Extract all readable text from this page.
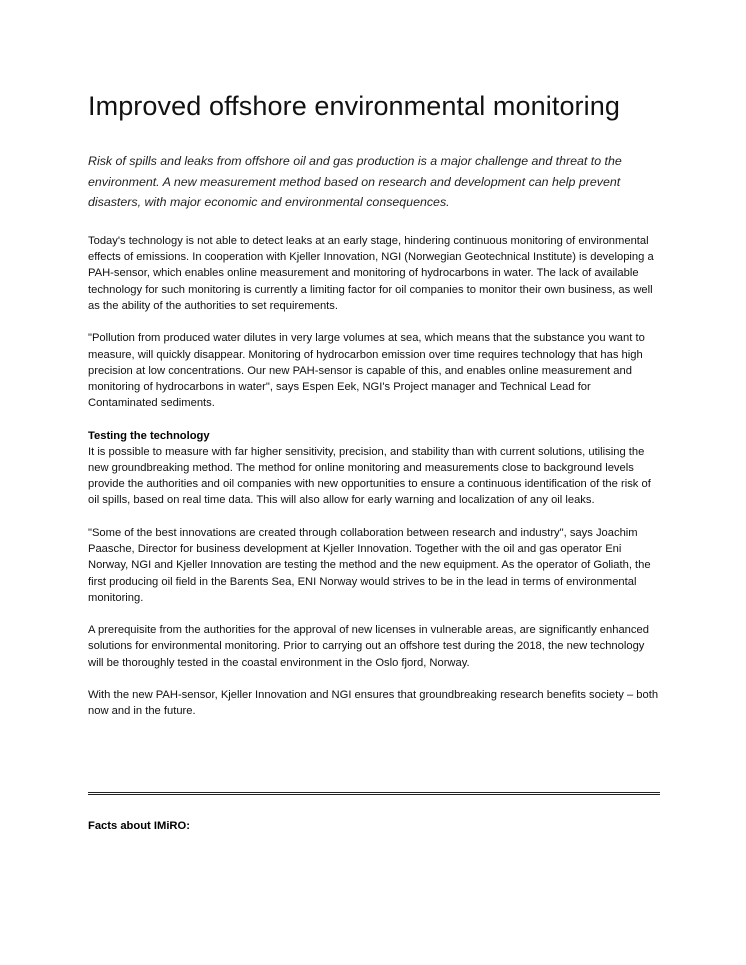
Improved offshore environmental monitoring

Risk of spills and leaks from offshore oil and gas production is a major challenge and threat to the environment. A new measurement method based on research and development can help prevent disasters, with major economic and environmental consequences.

Today's technology is not able to detect leaks at an early stage, hindering continuous monitoring of environmental effects of emissions. In cooperation with Kjeller Innovation, NGI (Norwegian Geotechnical Institute) is developing a PAH-sensor, which enables online measurement and monitoring of hydrocarbons in water. The lack of available technology for such monitoring is currently a limiting factor for oil companies to monitor their own business, as well as the ability of the authorities to set requirements.

"Pollution from produced water dilutes in very large volumes at sea, which means that the substance you want to measure, will quickly disappear. Monitoring of hydrocarbon emission over time requires technology that has high precision at low concentrations. Our new PAH-sensor is capable of this, and enables online measurement and monitoring of hydrocarbons in water", says Espen Eek, NGI's Project manager and Technical Lead for Contaminated sediments.

Testing the technology

It is possible to measure with far higher sensitivity, precision, and stability than with current solutions, utilising the new groundbreaking method. The method for online monitoring and measurements close to background levels provide the authorities and oil companies with new opportunities to ensure a continuous identification of the risk of oil spills, based on real time data. This will also allow for early warning and localization of any oil leaks.

"Some of the best innovations are created through collaboration between research and industry", says Joachim Paasche, Director for business development at Kjeller Innovation. Together with the oil and gas operator Eni Norway, NGI and Kjeller Innovation are testing the method and the new equipment. As the operator of Goliath, the first producing oil field in the Barents Sea, ENI Norway would strives to be in the lead in terms of environmental monitoring.

A prerequisite from the authorities for the approval of new licenses in vulnerable areas, are significantly enhanced solutions for environmental monitoring. Prior to carrying out an offshore test during the 2018, the new technology will be thoroughly tested in the coastal environment in the Oslo fjord, Norway.

With the new PAH-sensor, Kjeller Innovation and NGI ensures that groundbreaking research benefits society – both now and in the future.

Facts about IMiRO:
